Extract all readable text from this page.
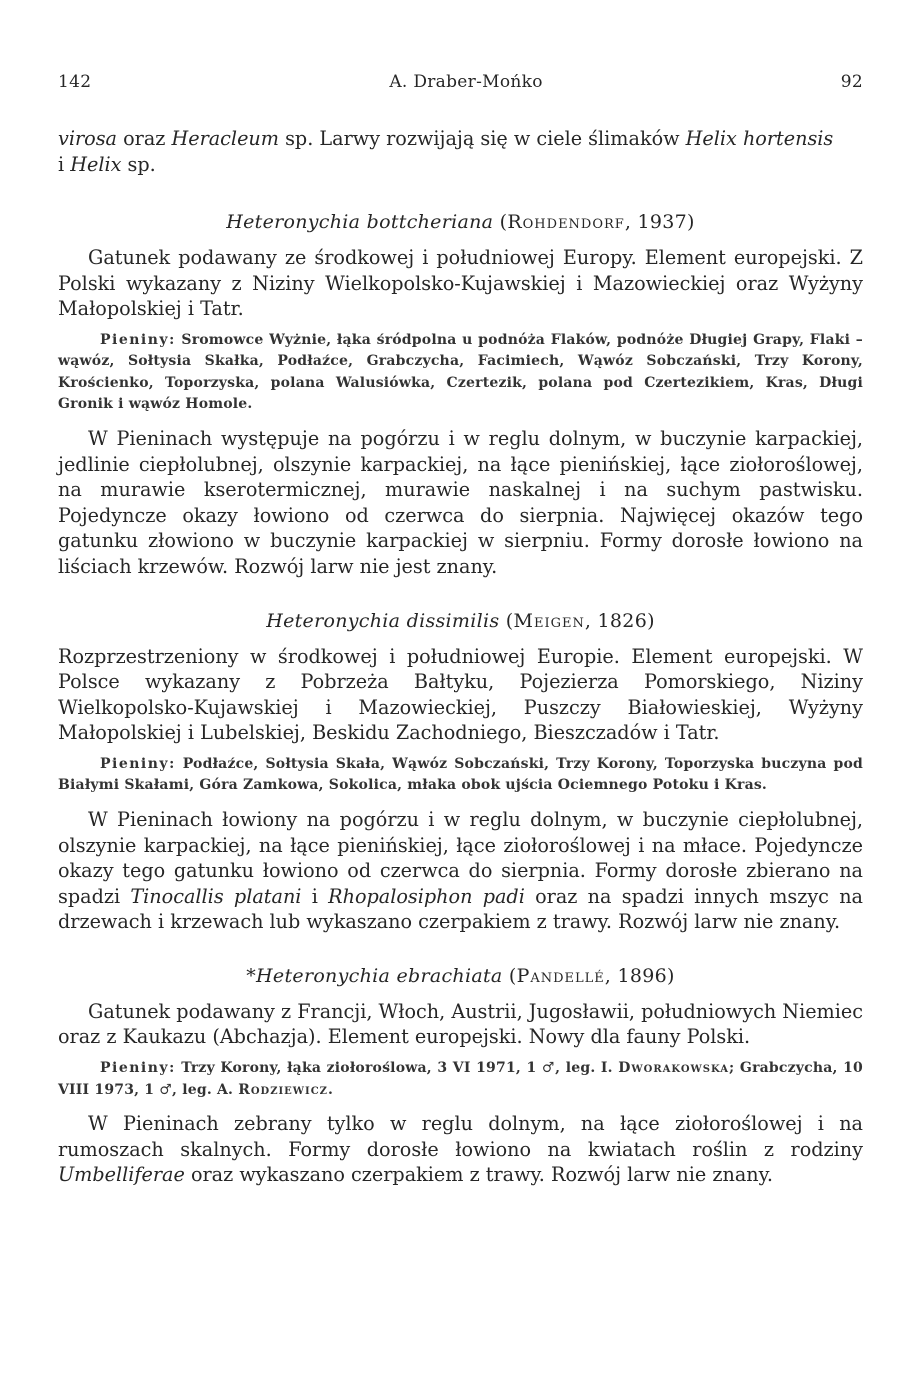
142	A. Draber-Mońko	92

virosa oraz Heracleum sp. Larwy rozwijają się w ciele ślimaków Helix hortensis
i Helix sp.

Heteronychia bottcheriana (Rohdendorf, 1937)

Gatunek podawany ze środkowej i południowej Europy. Element europejski. Z Polski wykazany z Niziny Wielkopolsko-Kujawskiej i Mazowieckiej oraz Wyżyny Małopolskiej i Tatr.

Pieniny: Sromowce Wyżnie, łąka śródpolna u podnóża Flaków, podnóże Długiej Grapy, Flaki – wąwóz, Sołtysia Skałka, Podłaźce, Grabczycha, Facimiech, Wąwóz Sobczański, Trzy Korony, Krościenko, Toporzyska, polana Walusiówka, Czertezik, polana pod Czertezikiem, Kras, Długi Gronik i wąwóz Homole.

W Pieninach występuje na pogórzu i w reglu dolnym, w buczynie karpackiej, jedlinie ciepłolubnej, olszynie karpackiej, na łące pienińskiej, łące ziołoroślowej, na murawie kserotermicznej, murawie naskalnej i na suchym pastwisku. Pojedyncze okazy łowiono od czerwca do sierpnia. Najwięcej okazów tego gatunku złowiono w buczynie karpackiej w sierpniu. Formy dorosłe łowiono na liściach krzewów. Rozwój larw nie jest znany.

Heteronychia dissimilis (Meigen, 1826)

Rozprzestrzeniony w środkowej i południowej Europie. Element europejski. W Polsce wykazany z Pobrzeża Bałtyku, Pojezierza Pomorskiego, Niziny Wielkopolsko-Kujawskiej i Mazowieckiej, Puszczy Białowieskiej, Wyżyny Małopolskiej i Lubelskiej, Beskidu Zachodniego, Bieszczadów i Tatr.

Pieniny: Podłaźce, Sołtysia Skała, Wąwóz Sobczański, Trzy Korony, Toporzyska buczyna pod Białymi Skałami, Góra Zamkowa, Sokolica, młaka obok ujścia Ociemnego Potoku i Kras.

W Pieninach łowiony na pogórzu i w reglu dolnym, w buczynie ciepłolubnej, olszynie karpackiej, na łące pienińskiej, łące ziołoroślowej i na młace. Pojedyncze okazy tego gatunku łowiono od czerwca do sierpnia. Formy dorosłe zbierano na spadzi Tinocallis platani i Rhopalosiphon padi oraz na spadzi innych mszyc na drzewach i krzewach lub wykaszano czerpakiem z trawy. Rozwój larw nie znany.

*Heteronychia ebrachiata (Pandellé, 1896)

Gatunek podawany z Francji, Włoch, Austrii, Jugosławii, południowych Niemiec oraz z Kaukazu (Abchazja). Element europejski. Nowy dla fauny Polski.

Pieniny: Trzy Korony, łąka ziołoroślowa, 3 VI 1971, 1 ♂, leg. I. Dworakowska; Grabczycha, 10 VIII 1973, 1 ♂, leg. A. Rodziewicz.

W Pieninach zebrany tylko w reglu dolnym, na łące ziołoroślowej i na rumoszach skalnych. Formy dorosłe łowiono na kwiatach roślin z rodziny Umbelliferae oraz wykaszano czerpakiem z trawy. Rozwój larw nie znany.
